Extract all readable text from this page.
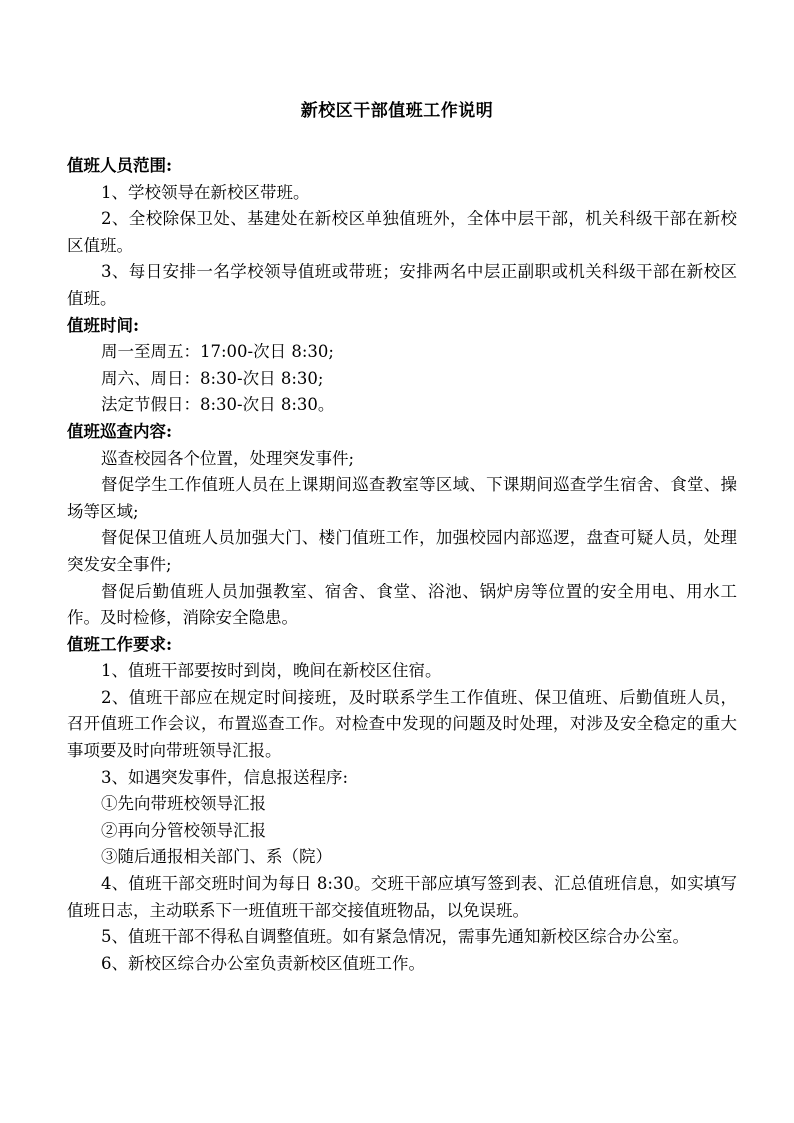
新校区干部值班工作说明

值班人员范围:

1、学校领导在新校区带班。

2、全校除保卫处、基建处在新校区单独值班外，全体中层干部，机关科级干部在新校区值班。

3、每日安排一名学校领导值班或带班；安排两名中层正副职或机关科级干部在新校区值班。

值班时间:

周一至周五：17:00-次日 8:30;

周六、周日：8:30-次日 8:30;

法定节假日：8:30-次日 8:30。

值班巡查内容:

巡查校园各个位置，处理突发事件;

督促学生工作值班人员在上课期间巡查教室等区域、下课期间巡查学生宿舍、食堂、操场等区域;

督促保卫值班人员加强大门、楼门值班工作，加强校园内部巡逻，盘查可疑人员，处理突发安全事件;

督促后勤值班人员加强教室、宿舍、食堂、浴池、锅炉房等位置的安全用电、用水工作。及时检修，消除安全隐患。

值班工作要求:

1、值班干部要按时到岗，晚间在新校区住宿。

2、值班干部应在规定时间接班，及时联系学生工作值班、保卫值班、后勤值班人员，召开值班工作会议，布置巡查工作。对检查中发现的问题及时处理，对涉及安全稳定的重大事项要及时向带班领导汇报。

3、如遇突发事件，信息报送程序:

①先向带班校领导汇报

②再向分管校领导汇报

③随后通报相关部门、系（院）

4、值班干部交班时间为每日 8:30。交班干部应填写签到表、汇总值班信息，如实填写值班日志，主动联系下一班值班干部交接值班物品，以免误班。

5、值班干部不得私自调整值班。如有紧急情况，需事先通知新校区综合办公室。

6、新校区综合办公室负责新校区值班工作。
